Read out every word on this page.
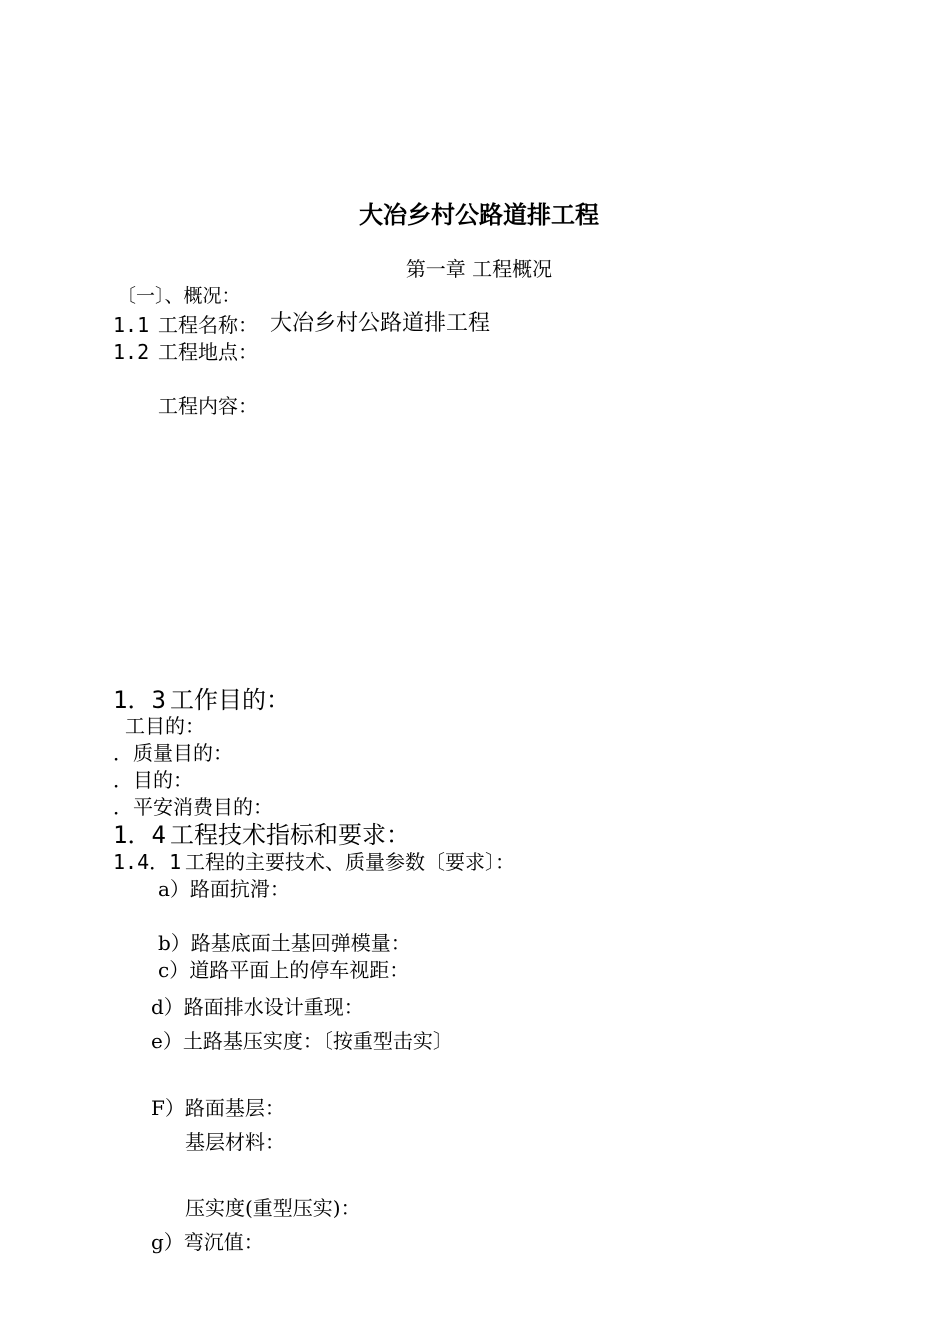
大冶乡村公路道排工程
第一章 工程概况
〔一〕、概况：
1.1 工程名称： 大冶乡村公路道排工程
1.2 工程地点：
工程内容：
1．3 工作目的：
工目的：
．质量目的：
．目的：
．平安消费目的：
1．4 工程技术指标和要求：
1.4．1 工程的主要技术、质量参数〔要求〕：
a）路面抗滑：
b）路基底面土基回弹模量：
c）道路平面上的停车视距：
d）路面排水设计重现：
e）土路基压实度：〔按重型击实〕
F）路面基层：
基层材料：
压实度(重型压实)：
g）弯沉值：
